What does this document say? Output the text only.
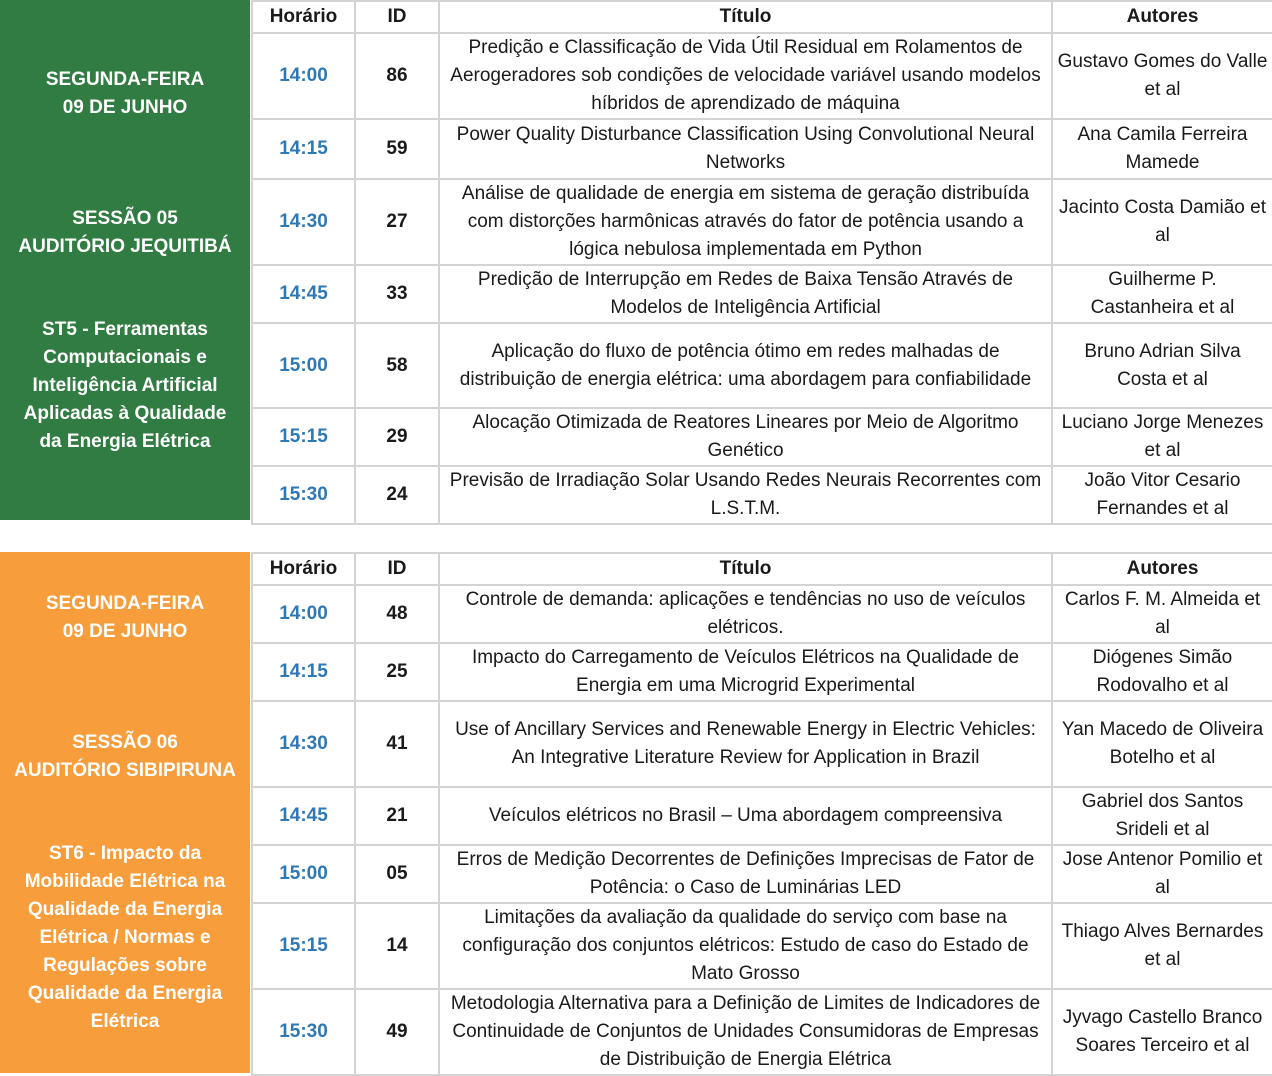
SEGUNDA-FEIRA
09 DE JUNHO
SESSÃO 05
AUDITÓRIO JEQUITIBÁ
ST5 - Ferramentas
Computacionais e
Inteligência Artificial
Aplicadas à Qualidade
da Energia Elétrica
Horário	ID	Título	Autores
14:00	86	Predição e Classificação de Vida Útil Residual em Rolamentos de Aerogeradores sob condições de velocidade variável usando modelos híbridos de aprendizado de máquina	Gustavo Gomes do Valle et al
14:15	59	Power Quality Disturbance Classification Using Convolutional Neural Networks	Ana Camila Ferreira Mamede
14:30	27	Análise de qualidade de energia em sistema de geração distribuída com distorções harmônicas através do fator de potência usando a lógica nebulosa implementada em Python	Jacinto Costa Damião et al
14:45	33	Predição de Interrupção em Redes de Baixa Tensão Através de Modelos de Inteligência Artificial	Guilherme P. Castanheira et al
15:00	58	Aplicação do fluxo de potência ótimo em redes malhadas de distribuição de energia elétrica: uma abordagem para confiabilidade	Bruno Adrian Silva Costa et al
15:15	29	Alocação Otimizada de Reatores Lineares por Meio de Algoritmo Genético	Luciano Jorge Menezes et al
15:30	24	Previsão de Irradiação Solar Usando Redes Neurais Recorrentes com L.S.T.M.	João Vitor Cesario Fernandes et al
SEGUNDA-FEIRA
09 DE JUNHO
SESSÃO 06
AUDITÓRIO SIBIPIRUNA
ST6 - Impacto da
Mobilidade Elétrica na
Qualidade da Energia
Elétrica / Normas e
Regulações sobre
Qualidade da Energia
Elétrica
Horário	ID	Título	Autores
14:00	48	Controle de demanda: aplicações e tendências no uso de veículos elétricos.	Carlos F. M. Almeida et al
14:15	25	Impacto do Carregamento de Veículos Elétricos na Qualidade de Energia em uma Microgrid Experimental	Diógenes Simão Rodovalho et al
14:30	41	Use of Ancillary Services and Renewable Energy in Electric Vehicles: An Integrative Literature Review for Application in Brazil	Yan Macedo de Oliveira Botelho et al
14:45	21	Veículos elétricos no Brasil – Uma abordagem compreensiva	Gabriel dos Santos Srideli et al
15:00	05	Erros de Medição Decorrentes de Definições Imprecisas de Fator de Potência: o Caso de Luminárias LED	Jose Antenor Pomilio et al
15:15	14	Limitações da avaliação da qualidade do serviço com base na configuração dos conjuntos elétricos: Estudo de caso do Estado de Mato Grosso	Thiago Alves Bernardes et al
15:30	49	Metodologia Alternativa para a Definição de Limites de Indicadores de Continuidade de Conjuntos de Unidades Consumidoras de Empresas de Distribuição de Energia Elétrica	Jyvago Castello Branco Soares Terceiro et al
